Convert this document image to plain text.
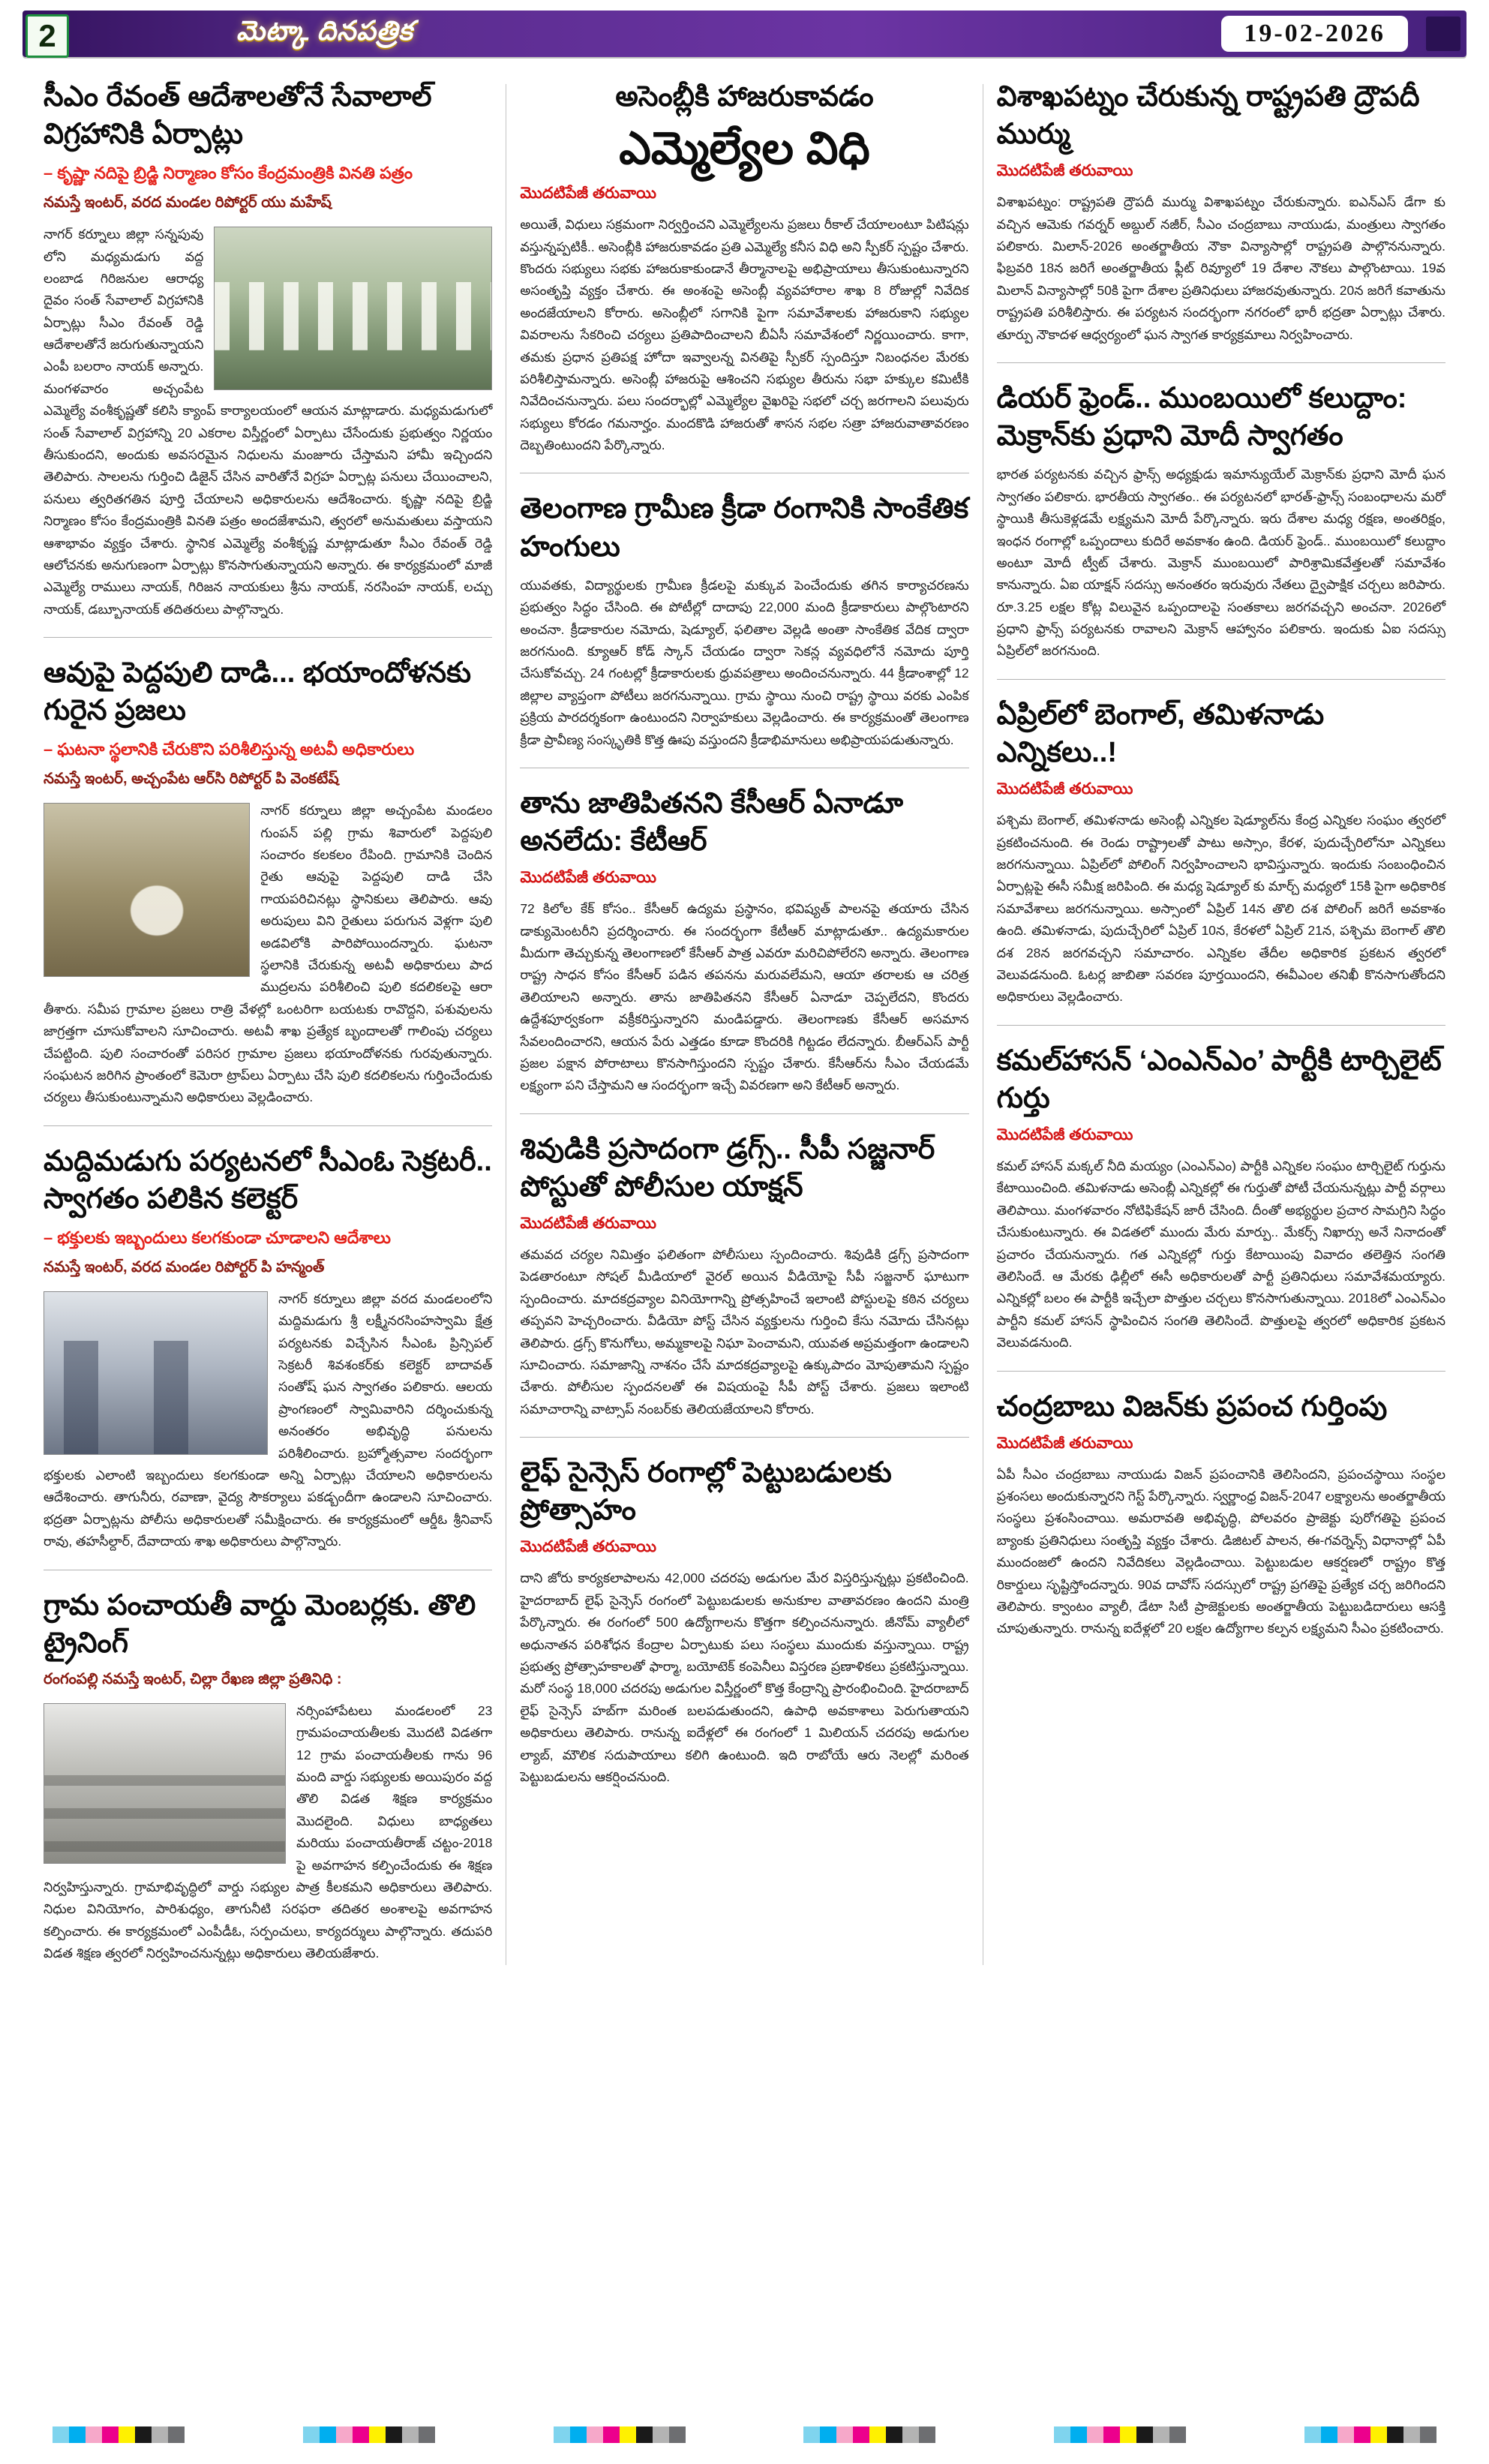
2	మెట్కా దినపత్రిక	19-02-2026
సీఎం రేవంత్ ఆదేశాలతోనే సేవాలాల్ విగ్రహానికి ఏర్పాట్లు

– కృష్ణా నదిపై బ్రిడ్జి నిర్మాణం కోసం కేంద్రమంత్రికి వినతి పత్రం

నమస్తే ఇంటర్, వరద మండల రిపోర్టర్ యు మహేష్

నాగర్ కర్నూలు జిల్లా సన్నపువు లోని మధ్యమడుగు వద్ద లంబాడ గిరిజనుల ఆరాధ్య దైవం సంత్ సేవాలాల్ విగ్రహానికి ఏర్పాట్లు సీఎం రేవంత్ రెడ్డి ఆదేశాలతోనే జరుగుతున్నాయని ఎంపీ బలరాం నాయక్ అన్నారు. మంగళవారం అచ్చంపేట ఎమ్మెల్యే వంశీకృష్ణతో కలిసి క్యాంప్ కార్యాలయంలో ఆయన మాట్లాడారు. మధ్యమడుగులో సంత్ సేవాలాల్ విగ్రహాన్ని 20 ఎకరాల విస్తీర్ణంలో ఏర్పాటు చేసేందుకు ప్రభుత్వం నిర్ణయం తీసుకుందని, అందుకు అవసరమైన నిధులను మంజూరు చేస్తామని హామీ ఇచ్చిందని తెలిపారు. సాలలను గుర్తించి డిజైన్ చేసిన వారితోనే విగ్రహ ఏర్పాట్ల పనులు చేయించాలని, పనులు త్వరితగతిన పూర్తి చేయాలని అధికారులను ఆదేశించారు. కృష్ణా నదిపై బ్రిడ్జి నిర్మాణం కోసం కేంద్రమంత్రికి వినతి పత్రం అందజేశామని, త్వరలో అనుమతులు వస్తాయని ఆశాభావం వ్యక్తం చేశారు. స్థానిక ఎమ్మెల్యే వంశీకృష్ణ మాట్లాడుతూ సీఎం రేవంత్ రెడ్డి ఆలోచనకు అనుగుణంగా ఏర్పాట్లు కొనసాగుతున్నాయని అన్నారు. ఈ కార్యక్రమంలో మాజీ ఎమ్మెల్యే రాములు నాయక్, గిరిజన నాయకులు శ్రీను నాయక్, నరసింహ నాయక్, లచ్చు నాయక్, డబ్బూనాయక్ తదితరులు పాల్గొన్నారు.

ఆవుపై పెద్దపులి దాడి... భయాందోళనకు గురైన ప్రజలు

– ఘటనా స్థలానికి చేరుకొని పరిశీలిస్తున్న అటవీ అధికారులు

నమస్తే ఇంటర్, అచ్చంపేట ఆర్‌సి రిపోర్టర్ పి వెంకటేష్

నాగర్ కర్నూలు జిల్లా అచ్చంపేట మండలం గుంపన్ పల్లి గ్రామ శివారులో పెద్దపులి సంచారం కలకలం రేపింది. గ్రామానికి చెందిన రైతు ఆవుపై పెద్దపులి దాడి చేసి గాయపరిచినట్లు స్థానికులు తెలిపారు. ఆవు అరుపులు విని రైతులు పరుగున వెళ్లగా పులి అడవిలోకి పారిపోయిందన్నారు. ఘటనా స్థలానికి చేరుకున్న అటవీ అధికారులు పాద ముద్రలను పరిశీలించి పులి కదలికలపై ఆరా తీశారు. సమీప గ్రామాల ప్రజలు రాత్రి వేళల్లో ఒంటరిగా బయటకు రావొద్దని, పశువులను జాగ్రత్తగా చూసుకోవాలని సూచించారు. అటవీ శాఖ ప్రత్యేక బృందాలతో గాలింపు చర్యలు చేపట్టింది. పులి సంచారంతో పరిసర గ్రామాల ప్రజలు భయాందోళనకు గురవుతున్నారు. సంఘటన జరిగిన ప్రాంతంలో కెమెరా ట్రాప్‌లు ఏర్పాటు చేసి పులి కదలికలను గుర్తించేందుకు చర్యలు తీసుకుంటున్నామని అధికారులు వెల్లడించారు.

మద్దిమడుగు పర్యటనలో సీఎంఓ సెక్రటరీ.. స్వాగతం పలికిన కలెక్టర్

– భక్తులకు ఇబ్బందులు కలగకుండా చూడాలని ఆదేశాలు

నమస్తే ఇంటర్, వరద మండల రిపోర్టర్ పి హన్మంత్

నాగర్ కర్నూలు జిల్లా వరద మండలంలోని మద్దిమడుగు శ్రీ లక్ష్మీనరసింహస్వామి క్షేత్ర పర్యటనకు విచ్చేసిన సీఎంఓ ప్రిన్సిపల్ సెక్రటరీ శివశంకర్‌కు కలెక్టర్ బాదావత్ సంతోష్ ఘన స్వాగతం పలికారు. ఆలయ ప్రాంగణంలో స్వామివారిని దర్శించుకున్న అనంతరం అభివృద్ధి పనులను పరిశీలించారు. బ్రహ్మోత్సవాల సందర్భంగా భక్తులకు ఎలాంటి ఇబ్బందులు కలగకుండా అన్ని ఏర్పాట్లు చేయాలని అధికారులను ఆదేశించారు. తాగునీరు, రవాణా, వైద్య సౌకర్యాలు పకడ్బందీగా ఉండాలని సూచించారు. భద్రతా ఏర్పాట్లను పోలీసు అధికారులతో సమీక్షించారు. ఈ కార్యక్రమంలో ఆర్డీఓ శ్రీనివాస్ రావు, తహసీల్దార్, దేవాదాయ శాఖ అధికారులు పాల్గొన్నారు.

గ్రామ పంచాయతీ వార్డు మెంబర్లకు. తొలి ట్రైనింగ్

రంగంపల్లి నమస్తే ఇంటర్, చిల్లా రేఖణ జిల్లా ప్రతినిధి :

నర్సింహాపేటలు మండలంలో 23 గ్రామపంచాయతీలకు మొదటి విడతగా 12 గ్రామ పంచాయతీలకు గాను 96 మంది వార్డు సభ్యులకు అయిపురం వద్ద తొలి విడత శిక్షణ కార్యక్రమం మొదలైంది. విధులు బాధ్యతలు మరియు పంచాయతీరాజ్ చట్టం-2018 పై అవగాహన కల్పించేందుకు ఈ శిక్షణ నిర్వహిస్తున్నారు. గ్రామాభివృద్ధిలో వార్డు సభ్యుల పాత్ర కీలకమని అధికారులు తెలిపారు. నిధుల వినియోగం, పారిశుధ్యం, తాగునీటి సరఫరా తదితర అంశాలపై అవగాహన కల్పించారు. ఈ కార్యక్రమంలో ఎంపీడీఓ, సర్పంచులు, కార్యదర్శులు పాల్గొన్నారు. తదుపరి విడత శిక్షణ త్వరలో నిర్వహించనున్నట్లు అధికారులు తెలియజేశారు.

అసెంబ్లీకి హాజరుకావడం
ఎమ్మెల్యేల విధి

మొదటిపేజీ తరువాయి

అయితే, విధులు సక్రమంగా నిర్వర్తించని ఎమ్మెల్యేలను ప్రజలు రీకాల్ చేయాలంటూ పిటిషన్లు వస్తున్నప్పటికీ.. అసెంబ్లీకి హాజరుకావడం ప్రతి ఎమ్మెల్యే కనీస విధి అని స్పీకర్ స్పష్టం చేశారు. కొందరు సభ్యులు సభకు హాజరుకాకుండానే తీర్మానాలపై అభిప్రాయాలు తీసుకుంటున్నారని అసంతృప్తి వ్యక్తం చేశారు. ఈ అంశంపై అసెంబ్లీ వ్యవహారాల శాఖ 8 రోజుల్లో నివేదిక అందజేయాలని కోరారు. అసెంబ్లీలో సగానికి పైగా సమావేశాలకు హాజరుకాని సభ్యుల వివరాలను సేకరించి చర్యలు ప్రతిపాదించాలని బీఏసీ సమావేశంలో నిర్ణయించారు. కాగా, తమకు ప్రధాన ప్రతిపక్ష హోదా ఇవ్వాలన్న వినతిపై స్పీకర్ స్పందిస్తూ నిబంధనల మేరకు పరిశీలిస్తామన్నారు. అసెంబ్లీ హాజరుపై ఆశించని సభ్యుల తీరును సభా హక్కుల కమిటీకి నివేదించనున్నారు. పలు సందర్భాల్లో ఎమ్మెల్యేల వైఖరిపై సభలో చర్చ జరగాలని పలువురు సభ్యులు కోరడం గమనార్హం. మందకొడి హాజరుతో శాసన సభల సత్రా హాజరువాతావరణం దెబ్బతింటుందని పేర్కొన్నారు.

తెలంగాణ గ్రామీణ క్రీడా రంగానికి సాంకేతిక హంగులు

యువతకు, విద్యార్థులకు గ్రామీణ క్రీడలపై మక్కువ పెంచేందుకు తగిన కార్యాచరణను ప్రభుత్వం సిద్ధం చేసింది. ఈ పోటీల్లో దాదాపు 22,000 మంది క్రీడాకారులు పాల్గొంటారని అంచనా. క్రీడాకారుల నమోదు, షెడ్యూల్, ఫలితాల వెల్లడి అంతా సాంకేతిక వేదిక ద్వారా జరగనుంది. క్యూఆర్ కోడ్ స్కాన్ చేయడం ద్వారా సెకన్ల వ్యవధిలోనే నమోదు పూర్తి చేసుకోవచ్చు. 24 గంటల్లో క్రీడాకారులకు ధ్రువపత్రాలు అందించనున్నారు. 44 క్రీడాంశాల్లో 12 జిల్లాల వ్యాప్తంగా పోటీలు జరగనున్నాయి. గ్రామ స్థాయి నుంచి రాష్ట్ర స్థాయి వరకు ఎంపిక ప్రక్రియ పారదర్శకంగా ఉంటుందని నిర్వాహకులు వెల్లడించారు. ఈ కార్యక్రమంతో తెలంగాణ క్రీడా ప్రావీణ్య సంస్కృతికి కొత్త ఊపు వస్తుందని క్రీడాభిమానులు అభిప్రాయపడుతున్నారు.

తాను జాతిపితనని కేసీఆర్ ఏనాడూ అనలేదు: కేటీఆర్

మొదటిపేజీ తరువాయి

72 కిలోల కేక్ కోసం.. కేసీఆర్ ఉద్యమ ప్రస్థానం, భవిష్యత్ పాలనపై తయారు చేసిన డాక్యుమెంటరీని ప్రదర్శించారు. ఈ సందర్భంగా కేటీఆర్ మాట్లాడుతూ.. ఉద్యమకారుల మీదుగా తెచ్చుకున్న తెలంగాణలో కేసీఆర్ పాత్ర ఎవరూ మరిచిపోలేరని అన్నారు. తెలంగాణ రాష్ట్ర సాధన కోసం కేసీఆర్ పడిన తపనను మరువలేమని, ఆయా తరాలకు ఆ చరిత్ర తెలియాలని అన్నారు. తాను జాతిపితనని కేసీఆర్ ఏనాడూ చెప్పలేదని, కొందరు ఉద్దేశపూర్వకంగా వక్రీకరిస్తున్నారని మండిపడ్డారు. తెలంగాణకు కేసీఆర్ అసమాన సేవలందించారని, ఆయన పేరు ఎత్తడం కూడా కొందరికి గిట్టడం లేదన్నారు. బీఆర్ఎస్ పార్టీ ప్రజల పక్షాన పోరాటాలు కొనసాగిస్తుందని స్పష్టం చేశారు. కేసీఆర్‌ను సీఎం చేయడమే లక్ష్యంగా పని చేస్తామని ఆ సందర్భంగా ఇచ్చే వివరణగా అని కేటీఆర్ అన్నారు.

శివుడికి ప్రసాదంగా డ్రగ్స్.. సీపీ సజ్జనార్ పోస్టుతో పోలీసుల యాక్షన్

మొదటిపేజీ తరువాయి

తమవద చర్యల నిమిత్తం ఫలితంగా పోలీసులు స్పందించారు. శివుడికి డ్రగ్స్ ప్రసాదంగా పెడతారంటూ సోషల్ మీడియాలో వైరల్ అయిన వీడియోపై సీపీ సజ్జనార్ ఘాటుగా స్పందించారు. మాదకద్రవ్యాల వినియోగాన్ని ప్రోత్సహించే ఇలాంటి పోస్టులపై కఠిన చర్యలు తప్పవని హెచ్చరించారు. వీడియో పోస్ట్ చేసిన వ్యక్తులను గుర్తించి కేసు నమోదు చేసినట్లు తెలిపారు. డ్రగ్స్ కొనుగోలు, అమ్మకాలపై నిఘా పెంచామని, యువత అప్రమత్తంగా ఉండాలని సూచించారు. సమాజాన్ని నాశనం చేసే మాదకద్రవ్యాలపై ఉక్కుపాదం మోపుతామని స్పష్టం చేశారు. పోలీసుల స్పందనలతో ఈ విషయంపై సీపీ పోస్ట్ చేశారు. ప్రజలు ఇలాంటి సమాచారాన్ని వాట్సాప్ నంబర్‌కు తెలియజేయాలని కోరారు.

లైఫ్ సైన్సెస్ రంగాల్లో పెట్టుబడులకు ప్రోత్సాహం

మొదటిపేజీ తరువాయి

దాని జోరు కార్యకలాపాలను 42,000 చదరపు అడుగుల మేర విస్తరిస్తున్నట్లు ప్రకటించింది. హైదరాబాద్ లైఫ్ సైన్సెస్ రంగంలో పెట్టుబడులకు అనుకూల వాతావరణం ఉందని మంత్రి పేర్కొన్నారు. ఈ రంగంలో 500 ఉద్యోగాలను కొత్తగా కల్పించనున్నారు. జీనోమ్ వ్యాలీలో అధునాతన పరిశోధన కేంద్రాల ఏర్పాటుకు పలు సంస్థలు ముందుకు వస్తున్నాయి. రాష్ట్ర ప్రభుత్వ ప్రోత్సాహకాలతో ఫార్మా, బయోటెక్ కంపెనీలు విస్తరణ ప్రణాళికలు ప్రకటిస్తున్నాయి. మరో సంస్థ 18,000 చదరపు అడుగుల విస్తీర్ణంలో కొత్త కేంద్రాన్ని ప్రారంభించింది. హైదరాబాద్ లైఫ్ సైన్సెస్ హబ్‌గా మరింత బలపడుతుందని, ఉపాధి అవకాశాలు పెరుగుతాయని అధికారులు తెలిపారు. రానున్న ఐదేళ్లలో ఈ రంగంలో 1 మిలియన్ చదరపు అడుగుల ల్యాబ్, మౌలిక సదుపాయాలు కలిగి ఉంటుంది. ఇది రాబోయే ఆరు నెలల్లో మరింత పెట్టుబడులను ఆకర్షించనుంది.

విశాఖపట్నం చేరుకున్న రాష్ట్రపతి ద్రౌపదీ ముర్ము

మొదటిపేజీ తరువాయి

విశాఖపట్నం: రాష్ట్రపతి ద్రౌపదీ ముర్ము విశాఖపట్నం చేరుకున్నారు. ఐఎన్ఎస్ డేగా కు వచ్చిన ఆమెకు గవర్నర్ అబ్దుల్ నజీర్, సీఎం చంద్రబాబు నాయుడు, మంత్రులు స్వాగతం పలికారు. మిలాన్-2026 అంతర్జాతీయ నౌకా విన్యాసాల్లో రాష్ట్రపతి పాల్గొననున్నారు. ఫిబ్రవరి 18న జరిగే అంతర్జాతీయ ఫ్లీట్ రివ్యూలో 19 దేశాల నౌకలు పాల్గొంటాయి. 19వ మిలాన్ విన్యాసాల్లో 50కి పైగా దేశాల ప్రతినిధులు హాజరవుతున్నారు. 20న జరిగే కవాతును రాష్ట్రపతి పరిశీలిస్తారు. ఈ పర్యటన సందర్భంగా నగరంలో భారీ భద్రతా ఏర్పాట్లు చేశారు. తూర్పు నౌకాదళ ఆధ్వర్యంలో ఘన స్వాగత కార్యక్రమాలు నిర్వహించారు.

డియర్ ఫ్రెండ్.. ముంబయిలో కలుద్దాం: మెక్రాన్‌కు ప్రధాని మోదీ స్వాగతం

భారత పర్యటనకు వచ్చిన ఫ్రాన్స్ అధ్యక్షుడు ఇమాన్యుయేల్ మెక్రాన్‌కు ప్రధాని మోదీ ఘన స్వాగతం పలికారు. భారతీయ స్వాగతం.. ఈ పర్యటనలో భారత్-ఫ్రాన్స్ సంబంధాలను మరో స్థాయికి తీసుకెళ్లడమే లక్ష్యమని మోదీ పేర్కొన్నారు. ఇరు దేశాల మధ్య రక్షణ, అంతరిక్షం, ఇంధన రంగాల్లో ఒప్పందాలు కుదిరే అవకాశం ఉంది. డియర్ ఫ్రెండ్.. ముంబయిలో కలుద్దాం అంటూ మోదీ ట్వీట్ చేశారు. మెక్రాన్ ముంబయిలో పారిశ్రామికవేత్తలతో సమావేశం కానున్నారు. ఏఐ యాక్షన్ సదస్సు అనంతరం ఇరువురు నేతలు ద్వైపాక్షిక చర్చలు జరిపారు. రూ.3.25 లక్షల కోట్ల విలువైన ఒప్పందాలపై సంతకాలు జరగవచ్చని అంచనా. 2026లో ప్రధాని ఫ్రాన్స్ పర్యటనకు రావాలని మెక్రాన్ ఆహ్వానం పలికారు. ఇందుకు ఏఐ సదస్సు ఏప్రిల్‌లో జరగనుంది.

ఏప్రిల్‌లో బెంగాల్, తమిళనాడు ఎన్నికలు..!

మొదటిపేజీ తరువాయి

పశ్చిమ బెంగాల్, తమిళనాడు అసెంబ్లీ ఎన్నికల షెడ్యూల్‌ను కేంద్ర ఎన్నికల సంఘం త్వరలో ప్రకటించనుంది. ఈ రెండు రాష్ట్రాలతో పాటు అస్సాం, కేరళ, పుదుచ్చేరిలోనూ ఎన్నికలు జరగనున్నాయి. ఏప్రిల్‌లో పోలింగ్ నిర్వహించాలని భావిస్తున్నారు. ఇందుకు సంబంధించిన ఏర్పాట్లపై ఈసీ సమీక్ష జరిపింది. ఈ మధ్య షెడ్యూల్ కు మార్చ్ మధ్యలో 15కి పైగా అధికారిక సమావేశాలు జరగనున్నాయి. అస్సాంలో ఏప్రిల్ 14న తొలి దశ పోలింగ్ జరిగే అవకాశం ఉంది. తమిళనాడు, పుదుచ్చేరిలో ఏప్రిల్ 10న, కేరళలో ఏప్రిల్ 21న, పశ్చిమ బెంగాల్ తొలి దశ 28న జరగవచ్చని సమాచారం. ఎన్నికల తేదీల అధికారిక ప్రకటన త్వరలో వెలువడనుంది. ఓటర్ల జాబితా సవరణ పూర్తయిందని, ఈవీఎంల తనిఖీ కొనసాగుతోందని అధికారులు వెల్లడించారు.

కమల్‌హాసన్ ‘ఎంఎన్ఎం’ పార్టీకి టార్చిలైట్ గుర్తు

మొదటిపేజీ తరువాయి

కమల్ హాసన్ మక్కల్ నీది మయ్యం (ఎంఎన్ఎం) పార్టీకి ఎన్నికల సంఘం టార్చిలైట్ గుర్తును కేటాయించింది. తమిళనాడు అసెంబ్లీ ఎన్నికల్లో ఈ గుర్తుతో పోటీ చేయనున్నట్లు పార్టీ వర్గాలు తెలిపాయి. మంగళవారం నోటిఫికేషన్ జారీ చేసింది. దీంతో అభ్యర్థుల ప్రచార సామగ్రిని సిద్ధం చేసుకుంటున్నారు. ఈ విడతలో ముందు మేరు మార్పు.. మేకర్స్ నిఖార్సు అనే నినాదంతో ప్రచారం చేయనున్నారు. గత ఎన్నికల్లో గుర్తు కేటాయింపు వివాదం తలెత్తిన సంగతి తెలిసిందే. ఆ మేరకు ఢిల్లీలో ఈసీ అధికారులతో పార్టీ ప్రతినిధులు సమావేశమయ్యారు. ఎన్నికల్లో బలం ఈ పార్టీకి ఇచ్చేలా పొత్తుల చర్చలు కొనసాగుతున్నాయి. 2018లో ఎంఎన్ఎం పార్టీని కమల్ హాసన్ స్థాపించిన సంగతి తెలిసిందే. పొత్తులపై త్వరలో అధికారిక ప్రకటన వెలువడనుంది.

చంద్రబాబు విజన్‌కు ప్రపంచ గుర్తింపు

మొదటిపేజీ తరువాయి

ఏపీ సీఎం చంద్రబాబు నాయుడు విజన్ ప్రపంచానికి తెలిసిందని, ప్రపంచస్థాయి సంస్థల ప్రశంసలు అందుకున్నారని గెస్ట్ పేర్కొన్నారు. స్వర్ణాంధ్ర విజన్-2047 లక్ష్యాలను అంతర్జాతీయ సంస్థలు ప్రశంసించాయి. అమరావతి అభివృద్ధి, పోలవరం ప్రాజెక్టు పురోగతిపై ప్రపంచ బ్యాంకు ప్రతినిధులు సంతృప్తి వ్యక్తం చేశారు. డిజిటల్ పాలన, ఈ-గవర్నెన్స్ విధానాల్లో ఏపీ ముందంజలో ఉందని నివేదికలు వెల్లడించాయి. పెట్టుబడుల ఆకర్షణలో రాష్ట్రం కొత్త రికార్డులు సృష్టిస్తోందన్నారు. 90వ దావోస్ సదస్సులో రాష్ట్ర ప్రగతిపై ప్రత్యేక చర్చ జరిగిందని తెలిపారు. క్వాంటం వ్యాలీ, డేటా సిటీ ప్రాజెక్టులకు అంతర్జాతీయ పెట్టుబడిదారులు ఆసక్తి చూపుతున్నారు. రానున్న ఐదేళ్లలో 20 లక్షల ఉద్యోగాల కల్పన లక్ష్యమని సీఎం ప్రకటించారు.
